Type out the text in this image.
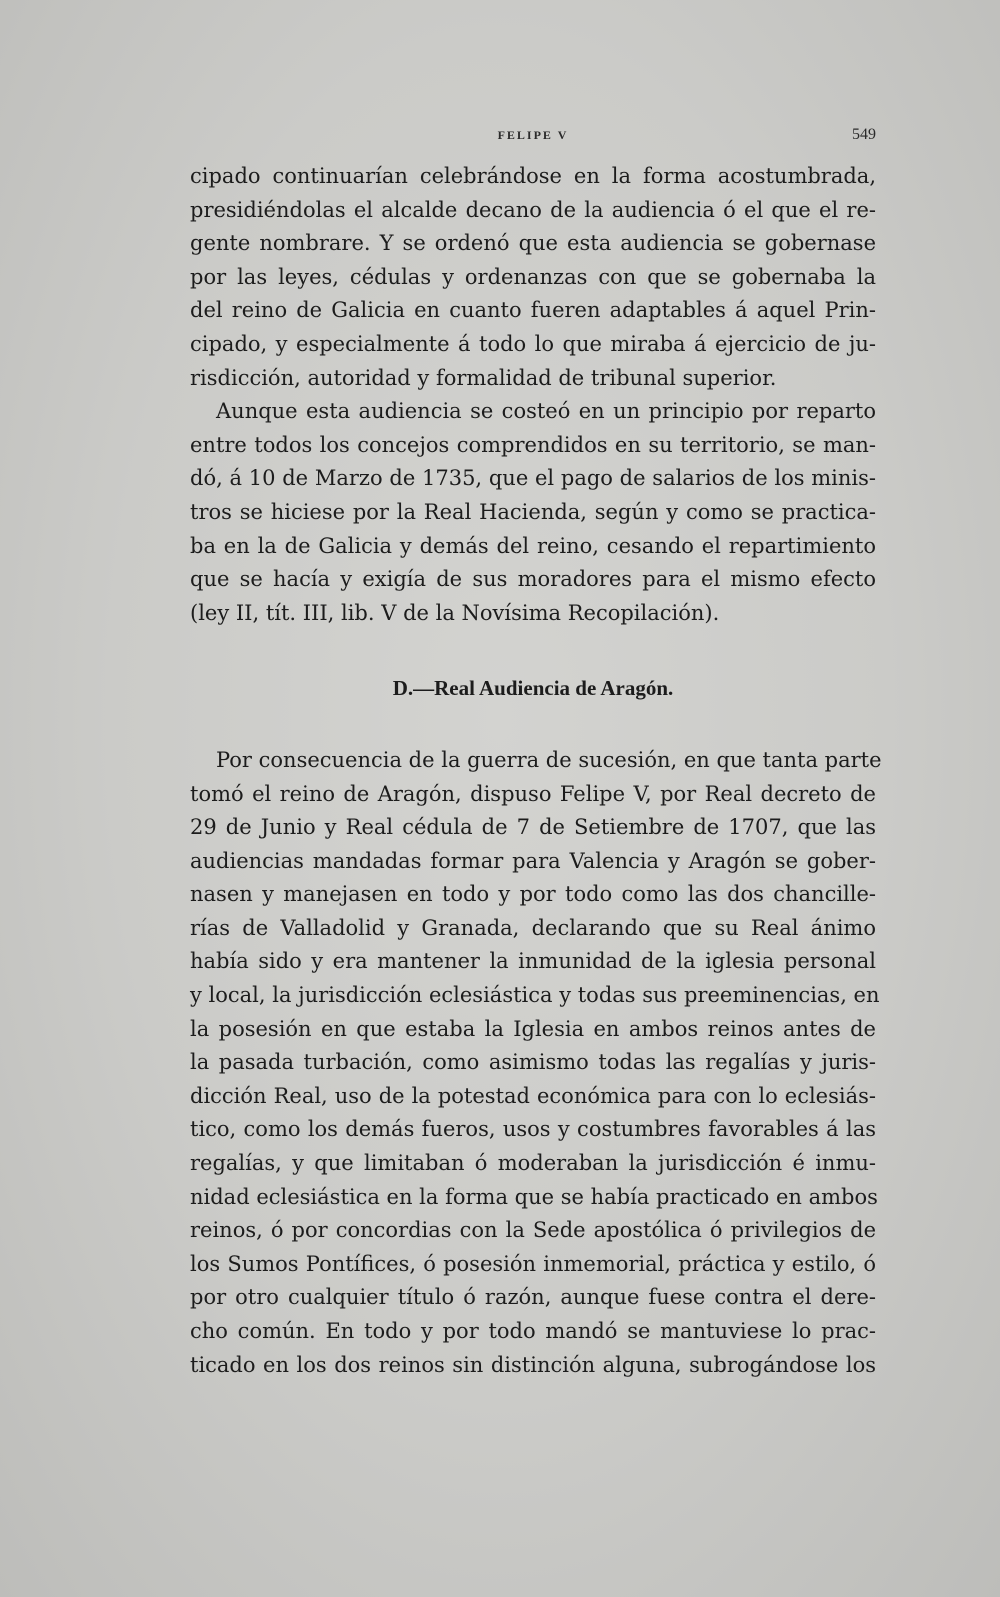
FELIPE V	549

cipado continuarían celebrándose en la forma acostumbrada,
presidiéndolas el alcalde decano de la audiencia ó el que el re-
gente nombrare. Y se ordenó que esta audiencia se gobernase
por las leyes, cédulas y ordenanzas con que se gobernaba la
del reino de Galicia en cuanto fueren adaptables á aquel Prin-
cipado, y especialmente á todo lo que miraba á ejercicio de ju-
risdicción, autoridad y formalidad de tribunal superior.

Aunque esta audiencia se costeó en un principio por reparto
entre todos los concejos comprendidos en su territorio, se man-
dó, á 10 de Marzo de 1735, que el pago de salarios de los minis-
tros se hiciese por la Real Hacienda, según y como se practica-
ba en la de Galicia y demás del reino, cesando el repartimiento
que se hacía y exigía de sus moradores para el mismo efecto
(ley II, tít. III, lib. V de la Novísima Recopilación).

D.—Real Audiencia de Aragón.

Por consecuencia de la guerra de sucesión, en que tanta parte
tomó el reino de Aragón, dispuso Felipe V, por Real decreto de
29 de Junio y Real cédula de 7 de Setiembre de 1707, que las
audiencias mandadas formar para Valencia y Aragón se gober-
nasen y manejasen en todo y por todo como las dos chancille-
rías de Valladolid y Granada, declarando que su Real ánimo
había sido y era mantener la inmunidad de la iglesia personal
y local, la jurisdicción eclesiástica y todas sus preeminencias, en
la posesión en que estaba la Iglesia en ambos reinos antes de
la pasada turbación, como asimismo todas las regalías y juris-
dicción Real, uso de la potestad económica para con lo eclesiás-
tico, como los demás fueros, usos y costumbres favorables á las
regalías, y que limitaban ó moderaban la jurisdicción é inmu-
nidad eclesiástica en la forma que se había practicado en ambos
reinos, ó por concordias con la Sede apostólica ó privilegios de
los Sumos Pontífices, ó posesión inmemorial, práctica y estilo, ó
por otro cualquier título ó razón, aunque fuese contra el dere-
cho común. En todo y por todo mandó se mantuviese lo prac-
ticado en los dos reinos sin distinción alguna, subrogándose los
